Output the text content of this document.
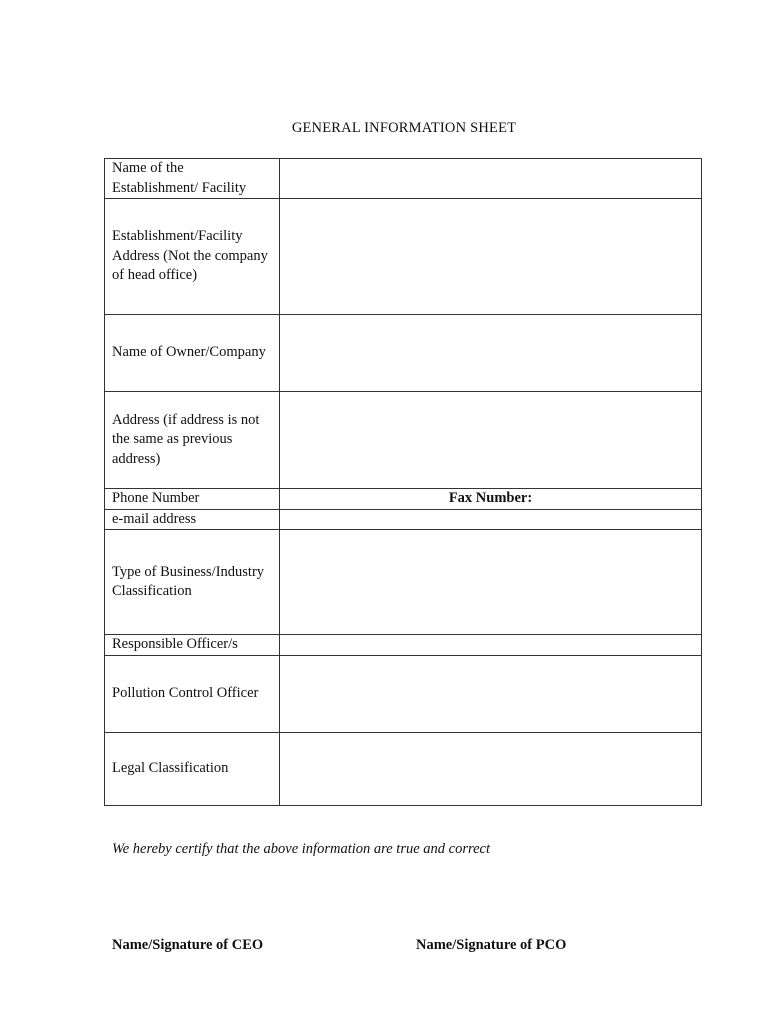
GENERAL INFORMATION SHEET
Name of the Establishment/ Facility	
Establishment/Facility Address (Not the company of head office)	
Name of Owner/Company	
Address (if address is not the same as previous address)	
Phone Number	Fax Number:
e-mail address	
Type of Business/Industry Classification	
Responsible Officer/s	
Pollution Control Officer	
Legal Classification	
We hereby certify that the above information are true and correct
Name/Signature of CEO	Name/Signature of PCO
